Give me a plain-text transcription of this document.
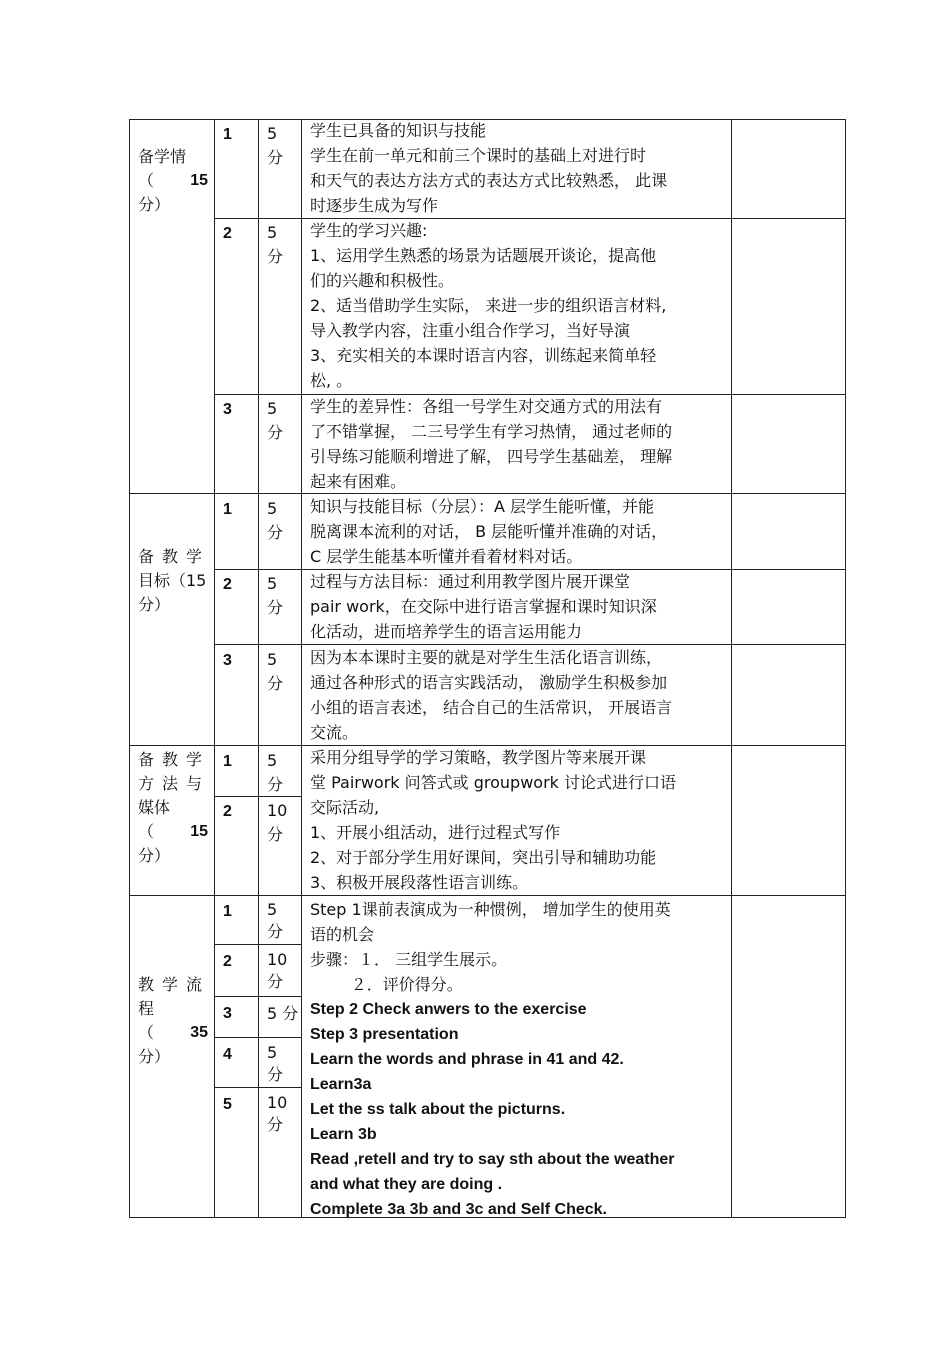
备学情
（ 15
分）
1 5分
学生已具备的知识与技能
学生在前一单元和前三个课时的基础上对进行时
和天气的表达方法方式的表达方式比较熟悉， 此课
时逐步生成为写作
2 5分
学生的学习兴趣:
1、运用学生熟悉的场景为话题展开谈论，提高他
们的兴趣和积极性。
2、适当借助学生实际， 来进一步的组织语言材料,
导入教学内容，注重小组合作学习，当好导演
3、充实相关的本课时语言内容，训练起来简单轻
松, 。
3 5分
学生的差异性：各组一号学生对交通方式的用法有
了不错掌握， 二三号学生有学习热情， 通过老师的
引导练习能顺利增进了解， 四号学生基础差， 理解
起来有困难。
备教学
目标（15
分）
1 5分
知识与技能目标（分层）：A 层学生能听懂，并能
脱离课本流利的对话， B 层能听懂并准确的对话，
C 层学生能基本听懂并看着材料对话。
2 5分
过程与方法目标：通过利用教学图片展开课堂
pair work，在交际中进行语言掌握和课时知识深
化活动，进而培养学生的语言运用能力
3 5分
因为本本课时主要的就是对学生生活化语言训练，
通过各种形式的语言实践活动， 激励学生积极参加
小组的语言表述， 结合自己的生活常识， 开展语言
交流。
备教学
方法与
媒体
（ 15
分）
1 5分
2 10分
采用分组导学的学习策略，教学图片等来展开课
堂 Pairwork 问答式或 groupwork 讨论式进行口语
交际活动,
1、开展小组活动，进行过程式写作
2、对于部分学生用好课间，突出引导和辅助功能
3、积极开展段落性语言训练。
教学流
程
（ 35
分）
1 5分
2 10分
3 5 分
4 5分
5 10分
Step 1课前表演成为一种惯例， 增加学生的使用英
语的机会
步骤：１． 三组学生展示。
２．评价得分。
Step 2 Check anwers to the exercise
Step 3 presentation
Learn the words and phrase in 41 and 42.
Learn3a
Let the ss talk about the picturns.
Learn 3b
Read ,retell and try to say sth about the weather
and what they are doing .
Complete 3a 3b and 3c and Self Check.
